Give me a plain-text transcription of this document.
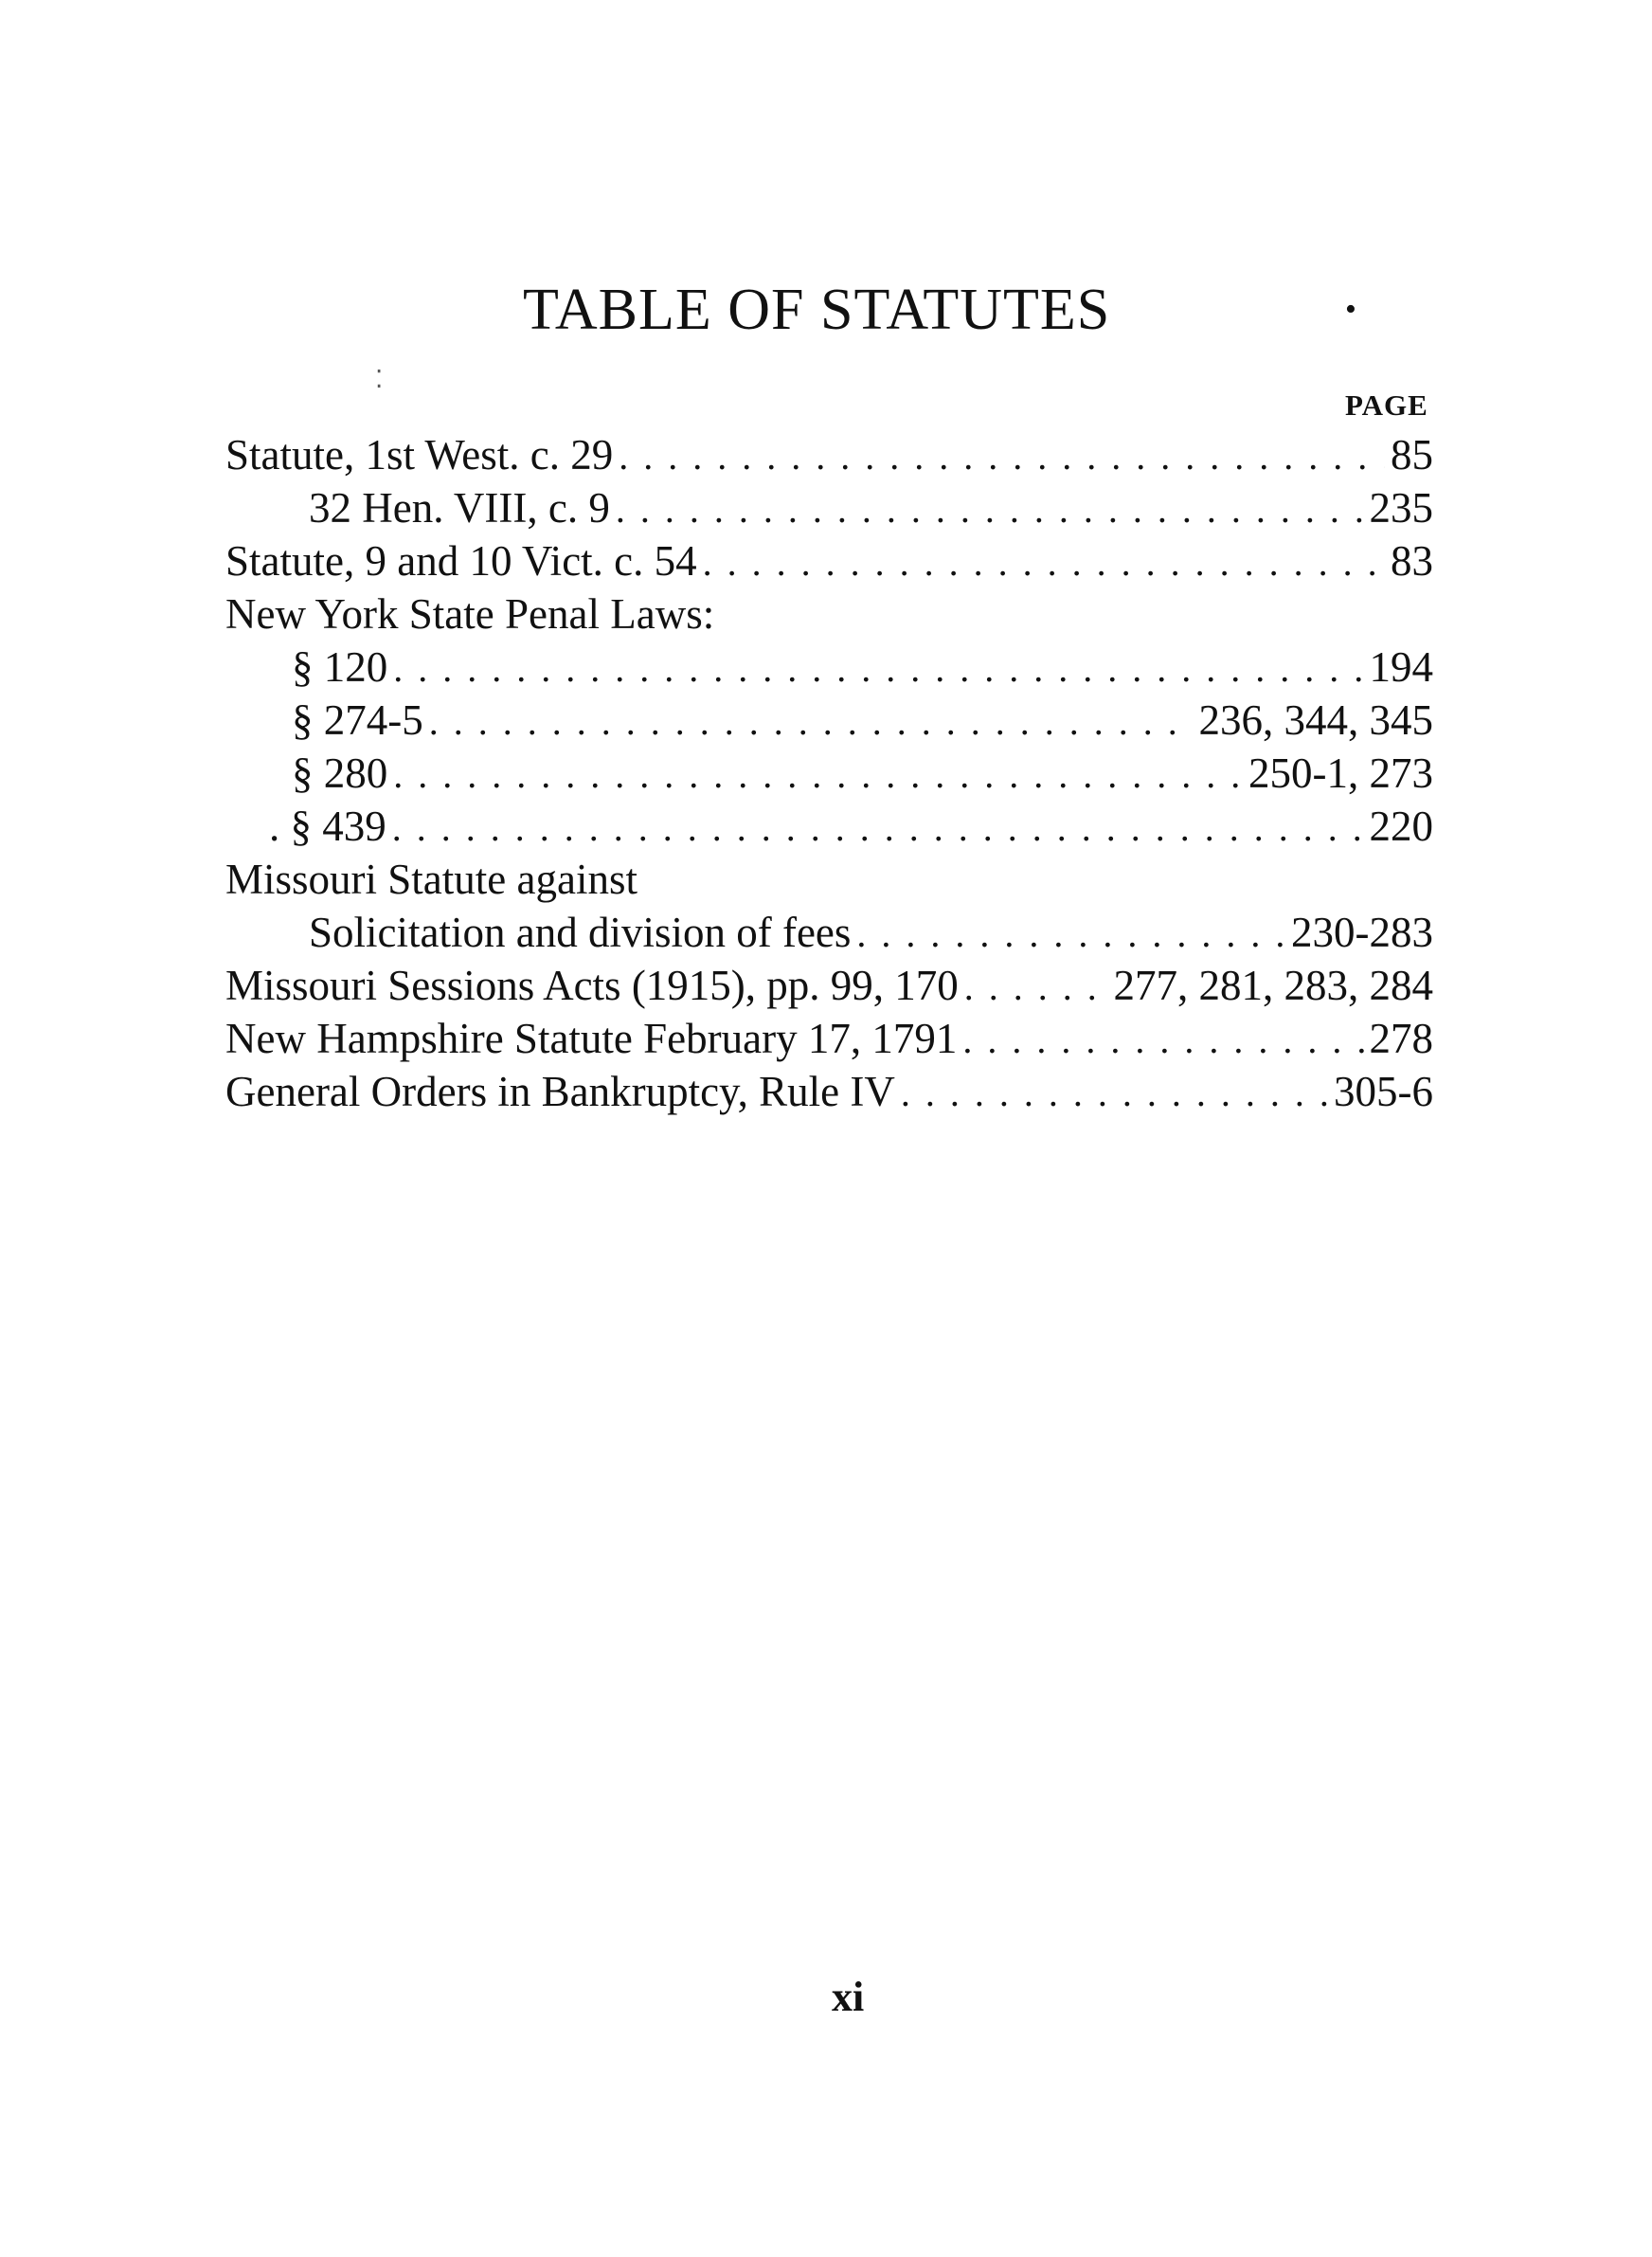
TABLE OF STATUTES	•
⁚
PAGE
Statute, 1st West. c. 29 . . .	85
32 Hen. VIII, c. 9 . . .	235
Statute, 9 and 10 Vict. c. 54 . . .	83
New York State Penal Laws:
§ 120 . . .	194
§ 274-5 . . .	236, 344, 345
§ 280 . . .	250-1, 273
. § 439 . . .	220
Missouri Statute against
Solicitation and division of fees . . .	230-283
Missouri Sessions Acts (1915), pp. 99, 170 . . .	277, 281, 283, 284
New Hampshire Statute February 17, 1791 . . .	278
General Orders in Bankruptcy, Rule IV . . .	305-6
xi
